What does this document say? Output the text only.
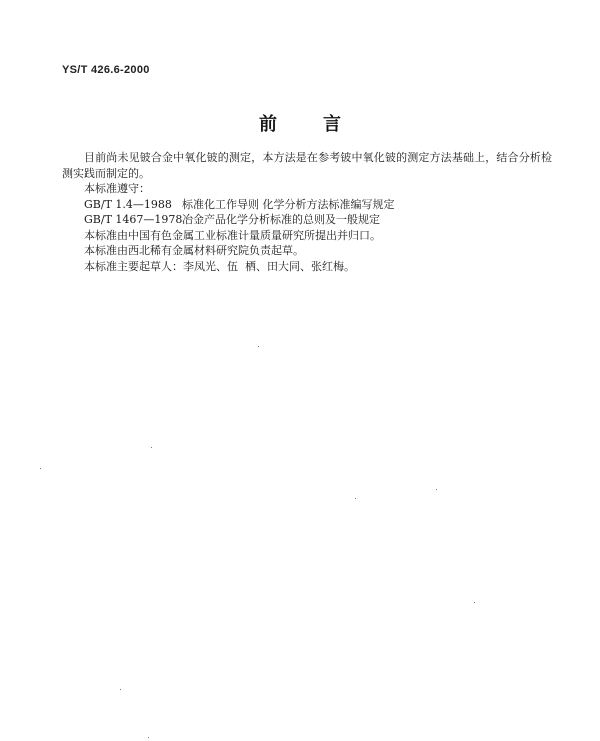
YS/T 426.6-2000
前言

目前尚未见铍合金中氧化铍的测定，本方法是在参考铍中氧化铍的测定方法基础上，结合分析检测实践而制定的。

本标准遵守：

GB/T 1.4—1988 标准化工作导则 化学分析方法标准编写规定

GB/T 1467—1978冶金产品化学分析标准的总则及一般规定

本标准由中国有色金属工业标准计量质量研究所提出并归口。

本标准由西北稀有金属材料研究院负责起草。

本标准主要起草人：李凤光、伍  栖、田大同、张红梅。
